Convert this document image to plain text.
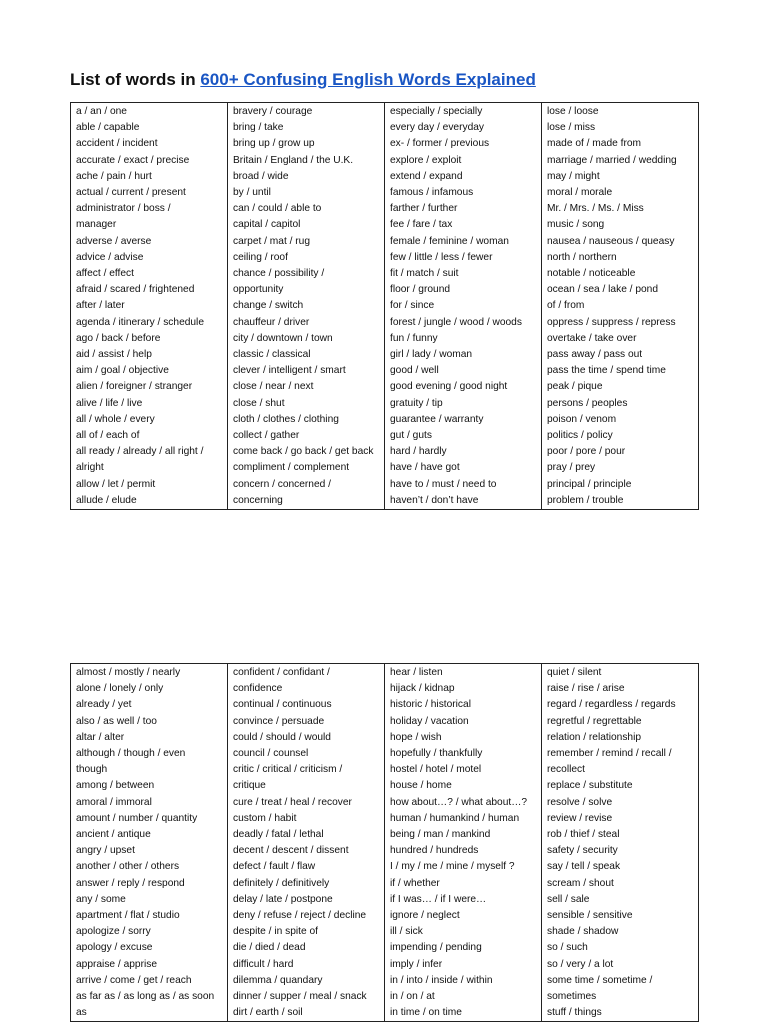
List of words in 600+ Confusing English Words Explained
a / an / one
able / capable
accident / incident
accurate / exact / precise
ache / pain / hurt
actual / current / present
administrator / boss /
manager
adverse / averse
advice / advise
affect / effect
afraid / scared / frightened
after / later
agenda / itinerary / schedule
ago / back / before
aid / assist / help
aim / goal / objective
alien / foreigner / stranger
alive / life / live
all / whole / every
all of / each of
all ready / already / all right /
alright
allow / let / permit
allude / elude
bravery / courage
bring / take
bring up / grow up
Britain / England / the U.K.
broad / wide
by / until
can / could / able to
capital / capitol
carpet / mat / rug
ceiling / roof
chance / possibility /
opportunity
change / switch
chauffeur / driver
city / downtown / town
classic / classical
clever / intelligent / smart
close / near / next
close / shut
cloth / clothes / clothing
collect / gather
come back / go back / get back
compliment / complement
concern / concerned /
concerning
especially / specially
every day / everyday
ex- / former / previous
explore / exploit
extend / expand
famous / infamous
farther / further
fee / fare / tax
female / feminine / woman
few / little / less / fewer
fit / match / suit
floor / ground
for / since
forest / jungle / wood / woods
fun / funny
girl / lady / woman
good / well
good evening / good night
gratuity / tip
guarantee / warranty
gut / guts
hard / hardly
have / have got
have to / must / need to
haven’t / don’t have
lose / loose
lose / miss
made of / made from
marriage / married / wedding
may / might
moral / morale
Mr. / Mrs. / Ms. / Miss
music / song
nausea / nauseous / queasy
north / northern
notable / noticeable
ocean / sea / lake / pond
of / from
oppress / suppress / repress
overtake / take over
pass away / pass out
pass the time / spend time
peak / pique
persons / peoples
poison / venom
politics / policy
poor / pore / pour
pray / prey
principal / principle
problem / trouble
almost / mostly / nearly
alone / lonely / only
already / yet
also / as well / too
altar / alter
although / though / even
though
among / between
amoral / immoral
amount / number / quantity
ancient / antique
angry / upset
another / other / others
answer / reply / respond
any / some
apartment / flat / studio
apologize / sorry
apology / excuse
appraise / apprise
arrive / come / get / reach
as far as / as long as / as soon
as
confident / confidant /
confidence
continual / continuous
convince / persuade
could / should / would
council / counsel
critic / critical / criticism /
critique
cure / treat / heal / recover
custom / habit
deadly / fatal / lethal
decent / descent / dissent
defect / fault / flaw
definitely / definitively
delay / late / postpone
deny / refuse / reject / decline
despite / in spite of
die / died / dead
difficult / hard
dilemma / quandary
dinner / supper / meal / snack
dirt / earth / soil
hear / listen
hijack / kidnap
historic / historical
holiday / vacation
hope / wish
hopefully / thankfully
hostel / hotel / motel
house / home
how about…? / what about…?
human / humankind / human
being / man / mankind
hundred / hundreds
I / my / me / mine / myself ?
if / whether
if I was… / if I were…
ignore / neglect
ill / sick
impending / pending
imply / infer
in / into / inside / within
in / on / at
in time / on time
quiet / silent
raise / rise / arise
regard / regardless / regards
regretful / regrettable
relation / relationship
remember / remind / recall /
recollect
replace / substitute
resolve / solve
review / revise
rob / thief / steal
safety / security
say / tell / speak
scream / shout
sell / sale
sensible / sensitive
shade / shadow
so / such
so / very / a lot
some time / sometime /
sometimes
stuff / things
